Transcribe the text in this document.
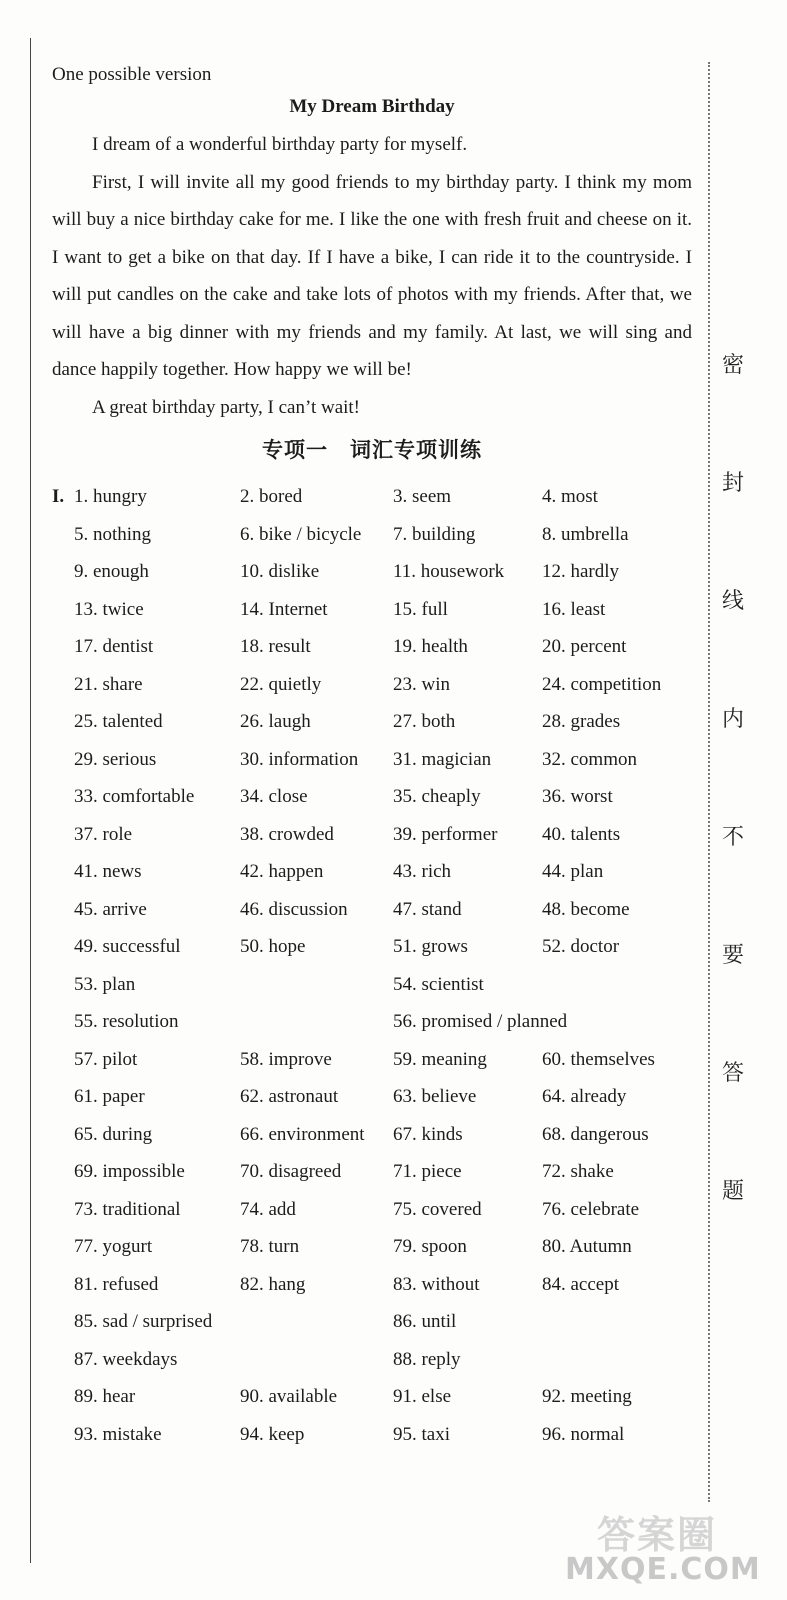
密
封
线
内
不
要
答
题
One possible version
My Dream Birthday

I dream of a wonderful birthday party for myself.

First, I will invite all my good friends to my birthday party. I think my mom will buy a nice birthday cake for me. I like the one with fresh fruit and cheese on it. I want to get a bike on that day. If I have a bike, I can ride it to the countryside. I will put candles on the cake and take lots of photos with my friends. After that, we will have a big dinner with my friends and my family. At last, we will sing and dance happily together. How happy we will be!

A great birthday party, I can’t wait!

专项一　词汇专项训练
1. hungry	2. bored	3. seem	4. most
I.
5. nothing	6. bike / bicycle 7. building	8. umbrella
9. enough	10. dislike	11. housework 12. hardly
13. twice	14. Internet	15. full	16. least
17. dentist	18. result	19. health	20. percent
21. share	22. quietly	23. win	24. competition
25. talented	26. laugh	27. both	28. grades
29. serious	30. information 31. magician	32. common
33. comfortable 34. close	35. cheaply	36. worst
37. role	38. crowded	39. performer 40. talents
41. news	42. happen	43. rich	44. plan
45. arrive	46. discussion 47. stand	48. become
49. successful	50. hope	51. grows	52. doctor
53. plan	54. scientist
55. resolution	56. promised / planned
57. pilot	58. improve	59. meaning	60. themselves
61. paper	62. astronaut	63. believe	64. already
65. during	66. environment 67. kinds	68. dangerous
69. impossible	70. disagreed	71. piece	72. shake
73. traditional	74. add	75. covered	76. celebrate
77. yogurt	78. turn	79. spoon	80. Autumn
81. refused	82. hang	83. without	84. accept
85. sad / surprised	86. until
87. weekdays	88. reply
89. hear	90. available	91. else	92. meeting
93. mistake	94. keep	95. taxi	96. normal
答案圈
MXQE.COM
